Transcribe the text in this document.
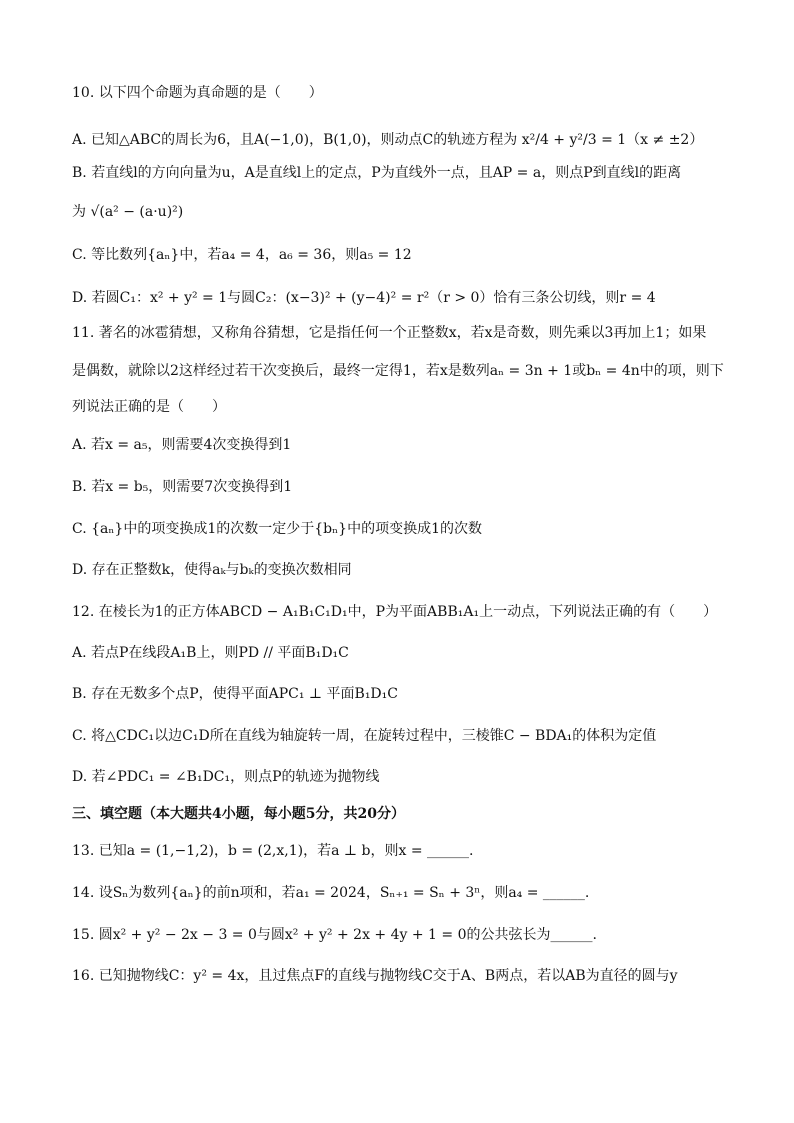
10. 以下四个命题为真命题的是（　　）
A. 已知△ABC的周长为6，且A(−1,0)，B(1,0)，则动点C的轨迹方程为 x²/4 + y²/3 = 1（x ≠ ±2）
B. 若直线l的方向向量为u，A是直线l上的定点，P为直线外一点，且AP = a，则点P到直线l的距离
为 √(a² − (a·u)²)
C. 等比数列{aₙ}中，若a₄ = 4，a₆ = 36，则a₅ = 12
D. 若圆C₁：x² + y² = 1与圆C₂：(x−3)² + (y−4)² = r²（r > 0）恰有三条公切线，则r = 4
11. 著名的冰雹猜想，又称角谷猜想，它是指任何一个正整数x，若x是奇数，则先乘以3再加上1；如果
是偶数，就除以2这样经过若干次变换后，最终一定得1，若x是数列aₙ = 3n + 1或bₙ = 4n中的项，则下
列说法正确的是（　　）
A. 若x = a₅，则需要4次变换得到1
B. 若x = b₅，则需要7次变换得到1
C. {aₙ}中的项变换成1的次数一定少于{bₙ}中的项变换成1的次数
D. 存在正整数k，使得aₖ与bₖ的变换次数相同
12. 在棱长为1的正方体ABCD − A₁B₁C₁D₁中，P为平面ABB₁A₁上一动点，下列说法正确的有（　　）
A. 若点P在线段A₁B上，则PD // 平面B₁D₁C
B. 存在无数多个点P，使得平面APC₁ ⊥ 平面B₁D₁C
C. 将△CDC₁以边C₁D所在直线为轴旋转一周，在旋转过程中，三棱锥C − BDA₁的体积为定值
D. 若∠PDC₁ = ∠B₁DC₁，则点P的轨迹为抛物线
三、填空题（本大题共4小题，每小题5分，共20分）
13. 已知a = (1,−1,2)，b = (2,x,1)，若a ⊥ b，则x = ______.
14. 设Sₙ为数列{aₙ}的前n项和，若a₁ = 2024，Sₙ₊₁ = Sₙ + 3ⁿ，则a₄ = ______.
15. 圆x² + y² − 2x − 3 = 0与圆x² + y² + 2x + 4y + 1 = 0的公共弦长为______.
16. 已知抛物线C：y² = 4x，且过焦点F的直线与抛物线C交于A、B两点，若以AB为直径的圆与y
